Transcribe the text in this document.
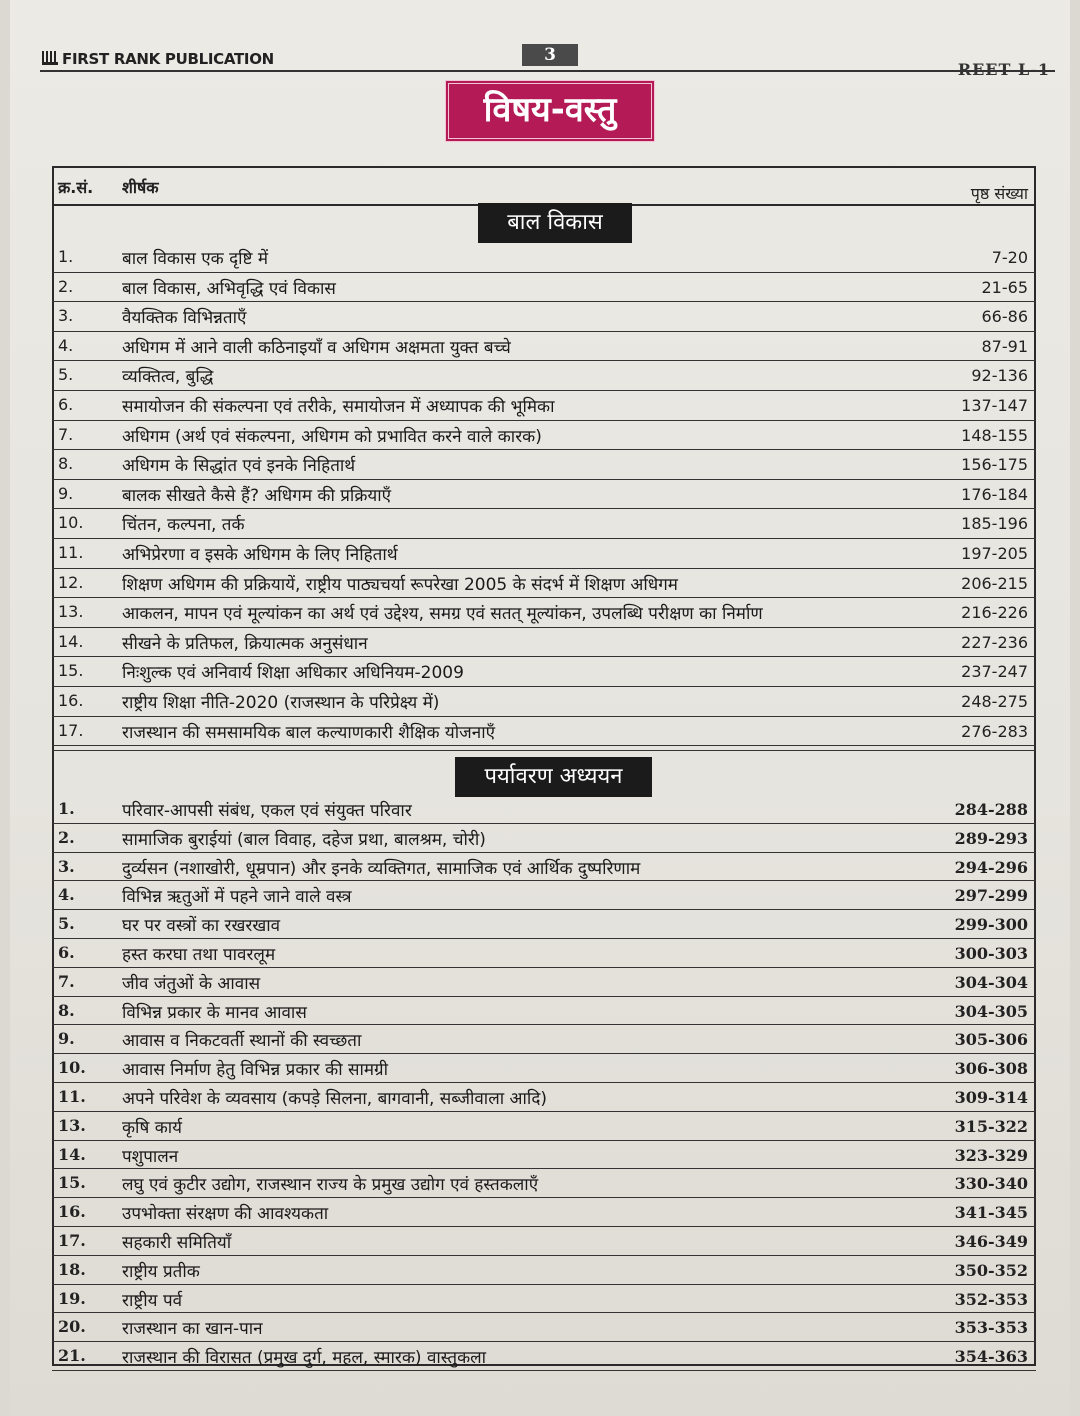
FIRST RANK PUBLICATION	3
REET L-1
विषय-वस्तु
क्र.सं. शीर्षक	पृष्ठ संख्या
बाल विकास
1.	बाल विकास एक दृष्टि में	7-20
2.	बाल विकास, अभिवृद्धि एवं विकास	21-65
3.	वैयक्तिक विभिन्नताएँ	66-86
4.	अधिगम में आने वाली कठिनाइयाँ व अधिगम अक्षमता युक्त बच्चे	87-91
5.	व्यक्तित्व, बुद्धि	92-136
6.	समायोजन की संकल्पना एवं तरीके, समायोजन में अध्यापक की भूमिका	137-147
7.	अधिगम (अर्थ एवं संकल्पना, अधिगम को प्रभावित करने वाले कारक)	148-155
8.	अधिगम के सिद्धांत एवं इनके निहितार्थ	156-175
9.	बालक सीखते कैसे हैं? अधिगम की प्रक्रियाएँ	176-184
10. चिंतन, कल्पना, तर्क	185-196
11. अभिप्रेरणा व इसके अधिगम के लिए निहितार्थ	197-205
12. शिक्षण अधिगम की प्रक्रियायें, राष्ट्रीय पाठ्यचर्या रूपरेखा 2005 के संदर्भ में शिक्षण अधिगम	206-215
13. आकलन, मापन एवं मूल्यांकन का अर्थ एवं उद्देश्य, समग्र एवं सतत् मूल्यांकन, उपलब्धि परीक्षण का निर्माण	216-226
14. सीखने के प्रतिफल, क्रियात्मक अनुसंधान	227-236
15. निःशुल्क एवं अनिवार्य शिक्षा अधिकार अधिनियम-2009	237-247
16. राष्ट्रीय शिक्षा नीति-2020 (राजस्थान के परिप्रेक्ष्य में)	248-275
17. राजस्थान की समसामयिक बाल कल्याणकारी शैक्षिक योजनाएँ	276-283
पर्यावरण अध्ययन
1.	परिवार-आपसी संबंध, एकल एवं संयुक्त परिवार	284-288
2.	सामाजिक बुराईयां (बाल विवाह, दहेज प्रथा, बालश्रम, चोरी)	289-293
3.	दुर्व्यसन (नशाखोरी, धूम्रपान) और इनके व्यक्तिगत, सामाजिक एवं आर्थिक दुष्परिणाम	294-296
4.	विभिन्न ऋतुओं में पहने जाने वाले वस्त्र	297-299
5.	घर पर वस्त्रों का रखरखाव	299-300
6.	हस्त करघा तथा पावरलूम	300-303
7.	जीव जंतुओं के आवास	304-304
8.	विभिन्न प्रकार के मानव आवास	304-305
9.	आवास व निकटवर्ती स्थानों की स्वच्छता	305-306
10. आवास निर्माण हेतु विभिन्न प्रकार की सामग्री	306-308
11. अपने परिवेश के व्यवसाय (कपड़े सिलना, बागवानी, सब्जीवाला आदि)	309-314
13. कृषि कार्य	315-322
14. पशुपालन	323-329
15. लघु एवं कुटीर उद्योग, राजस्थान राज्य के प्रमुख उद्योग एवं हस्तकलाएँ	330-340
16. उपभोक्ता संरक्षण की आवश्यकता	341-345
17. सहकारी समितियाँ	346-349
18. राष्ट्रीय प्रतीक	350-352
19. राष्ट्रीय पर्व	352-353
20. राजस्थान का खान-पान	353-353
21. राजस्थान की विरासत (प्रमुख दुर्ग, महल, स्मारक) वास्तुकला	354-363
